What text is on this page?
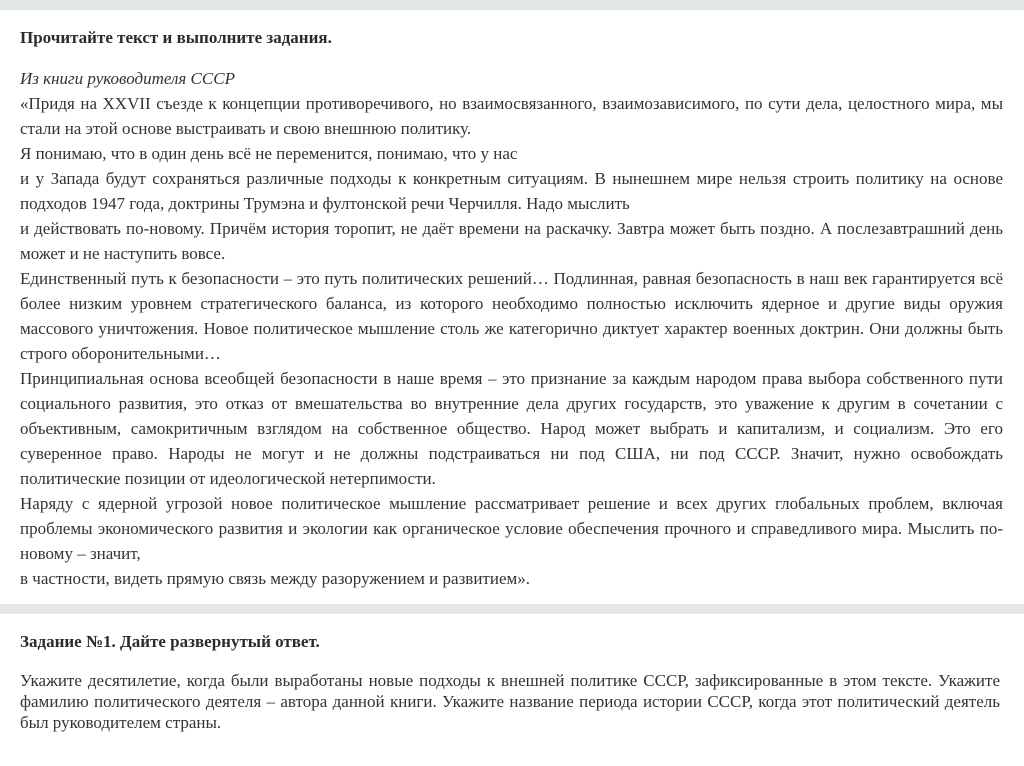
Прочитайте текст и выполните задания.

Из книги руководителя СССР

«Придя на XXVII съезде к концепции противоречивого, но взаимосвязанного, взаимозависимого, по сути дела, целостного мира, мы стали на этой основе выстраивать и свою внешнюю политику.

Я понимаю, что в один день всё не переменится, понимаю, что у нас

и у Запада будут сохраняться различные подходы к конкретным ситуациям. В нынешнем мире нельзя строить политику на основе подходов 1947 года, доктрины Трумэна и фултонской речи Черчилля. Надо мыслить

и действовать по-новому. Причём история торопит, не даёт времени на раскачку. Завтра может быть поздно. А послезавтрашний день может и не наступить вовсе.

Единственный путь к безопасности – это путь политических решений… Подлинная, равная безопасность в наш век гарантируется всё более низким уровнем стратегического баланса, из которого необходимо полностью исключить ядерное и другие виды оружия массового уничтожения. Новое политическое мышление столь же категорично диктует характер военных доктрин. Они должны быть строго оборонительными…

Принципиальная основа всеобщей безопасности в наше время – это признание за каждым народом права выбора собственного пути социального развития, это отказ от вмешательства во внутренние дела других государств, это уважение к другим в сочетании с объективным, самокритичным взглядом на собственное общество. Народ может выбрать и капитализм, и социализм. Это его суверенное право. Народы не могут и не должны подстраиваться ни под США, ни под СССР. Значит, нужно освобождать политические позиции от идеологической нетерпимости.

Наряду с ядерной угрозой новое политическое мышление рассматривает решение и всех других глобальных проблем, включая проблемы экономического развития и экологии как органическое условие обеспечения прочного и справедливого мира. Мыслить по-новому – значит,

в частности, видеть прямую связь между разоружением и развитием».

Задание №1. Дайте развернутый ответ.

Укажите десятилетие, когда были выработаны новые подходы к внешней политике СССР, зафиксированные в этом тексте. Укажите фамилию политического деятеля – автора данной книги. Укажите название периода истории СССР, когда этот политический деятель был руководителем страны.
